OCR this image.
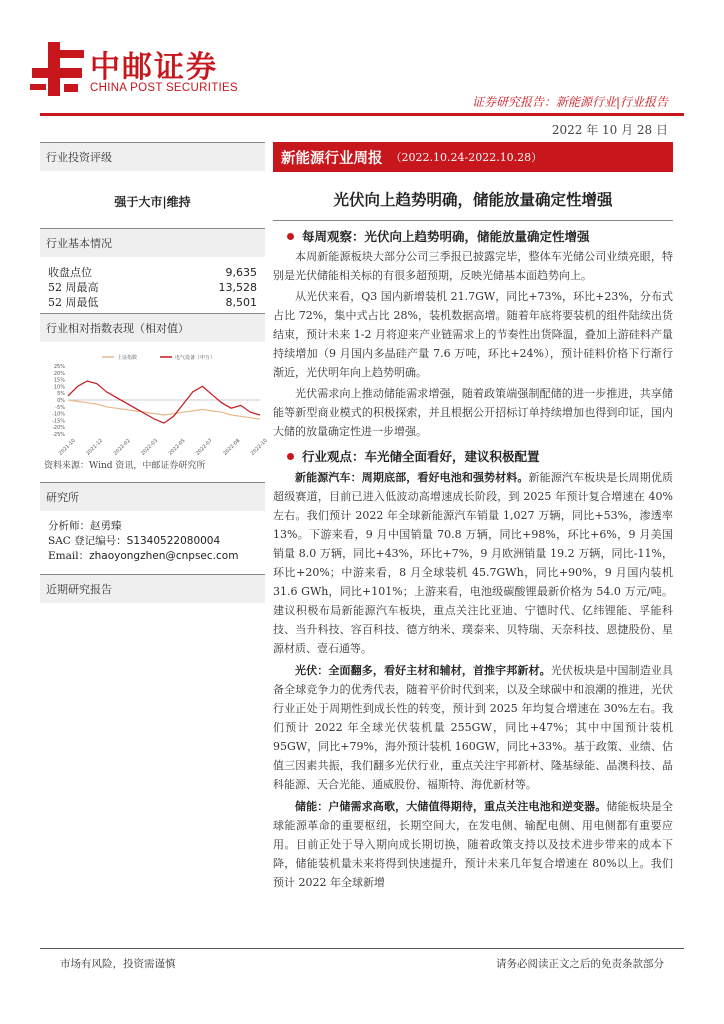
中邮证券
CHINA POST SECURITIES
证券研究报告：新能源行业|行业报告
2022 年 10 月 28 日
行业投资评级
强于大市|维持
行业基本情况
收盘点位	9,635
52 周最高	13,528
52 周最低	8,501
行业相对指数表现（相对值）
25%
20%
15%
10%
5%
0%
-5%
-10%
-15%
-20%
-25%
2021-10 2021-12 2022-02 2022-03 2022-05 2022-07 2022-08 2022-10
上证指数	电气设备（申万）
资料来源：Wind 资讯，中邮证券研究所
研究所
分析师：赵勇臻
SAC 登记编号：S1340522080004
Email：zhaoyongzhen@cnpsec.com
近期研究报告
新能源行业周报 （2022.10.24-2022.10.28）
光伏向上趋势明确，储能放量确定性增强
每周观察：光伏向上趋势明确，储能放量确定性增强

本周新能源板块大部分公司三季报已披露完毕，整体车光储公司业绩亮眼，特别是光伏储能相关标的有很多超预期，反映光储基本面趋势向上。

从光伏来看，Q3 国内新增装机 21.7GW，同比+73%，环比+23%，分布式占比 72%，集中式占比 28%，装机数据高增。随着年底将要装机的组件陆续出货结束，预计未来 1-2 月将迎来产业链需求上的节奏性出货降温，叠加上游硅料产量持续增加（9 月国内多晶硅产量 7.6 万吨，环比+24%），预计硅料价格下行渐行渐近，光伏明年向上趋势明确。

光伏需求向上推动储能需求增强，随着政策端强制配储的进一步推进，共享储能等新型商业模式的积极探索，并且根据公开招标订单持续增加也得到印证，国内大储的放量确定性进一步增强。

行业观点：车光储全面看好，建议积极配置

新能源汽车：周期底部，看好电池和强势材料。新能源汽车板块是长周期优质超级赛道，目前已进入低波动高增速成长阶段，到 2025 年预计复合增速在 40%左右。我们预计 2022 年全球新能源汽车销量 1,027 万辆，同比+53%，渗透率 13%。下游来看，9 月中国销量 70.8 万辆，同比+98%，环比+6%，9 月美国销量 8.0 万辆，同比+43%，环比+7%，9 月欧洲销量 19.2 万辆，同比-11%，环比+20%；中游来看，8 月全球装机 45.7GWh，同比+90%，9 月国内装机 31.6 GWh，同比+101%；上游来看，电池级碳酸锂最新价格为 54.0 万元/吨。建议积极布局新能源汽车板块，重点关注比亚迪、宁德时代、亿纬锂能、孚能科技、当升科技、容百科技、德方纳米、璞泰来、贝特瑞、天奈科技、恩捷股份、星源材质、壹石通等。

光伏：全面翻多，看好主材和辅材，首推宇邦新材。光伏板块是中国制造业具备全球竞争力的优秀代表，随着平价时代到来，以及全球碳中和浪潮的推进，光伏行业正处于周期性到成长性的转变，预计到 2025 年均复合增速在 30%左右。我们预计 2022 年全球光伏装机量 255GW，同比+47%；其中中国预计装机 95GW，同比+79%，海外预计装机 160GW，同比+33%。基于政策、业绩、估值三因素共振，我们翻多光伏行业，重点关注宇邦新材、隆基绿能、晶澳科技、晶科能源、天合光能、通威股份、福斯特、海优新材等。

储能：户储需求高歌，大储值得期待，重点关注电池和逆变器。储能板块是全球能源革命的重要枢纽，长期空间大，在发电侧、输配电侧、用电侧都有重要应用。目前正处于导入期向成长期切换，随着政策支持以及技术进步带来的成本下降，储能装机量未来将得到快速提升，预计未来几年复合增速在 80%以上。我们预计 2022 年全球新增

市场有风险，投资需谨慎	请务必阅读正文之后的免责条款部分
